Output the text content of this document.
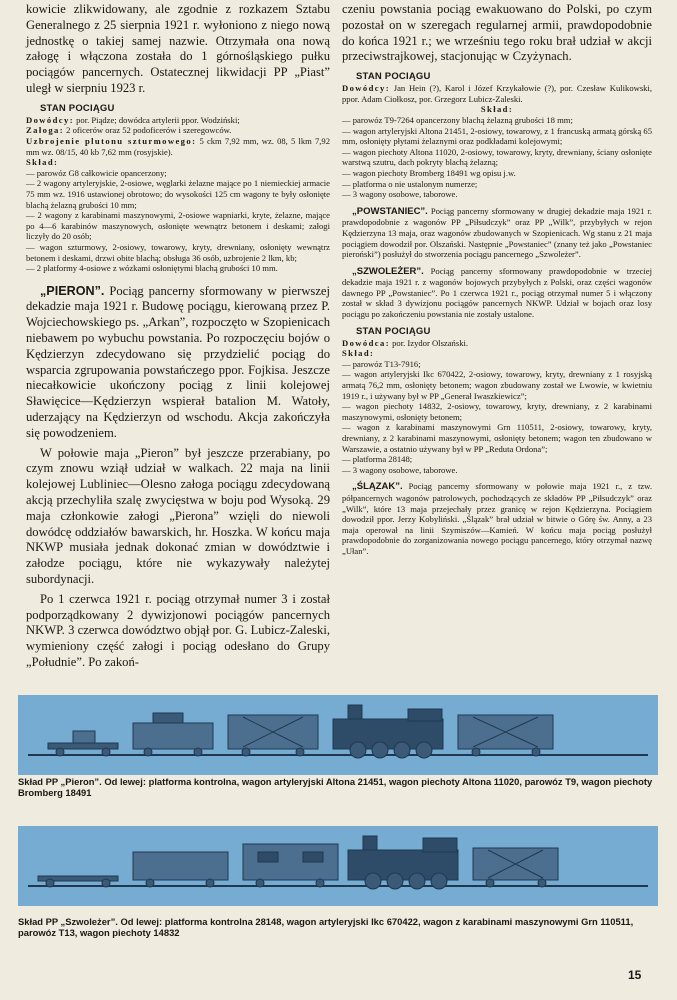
kowicie zlikwidowany, ale zgodnie z rozkazem Sztabu Generalnego z 25 sierpnia 1921 r. wyłoniono z niego nową jednostkę o takiej samej nazwie. Otrzymała ona nową załogę i włączona została do 1 górnośląskiego pułku pociągów pancernych. Ostatecznej likwidacji PP „Piast” uległ w sierpniu 1923 r.

STAN POCIĄGU

Dowódcy: por. Piądze; dowódca artylerii ppor. Wodziński;

Załoga: 2 oficerów oraz 52 podoficerów i szeregowców.

Uzbrojenie plutonu szturmowego: 5 ckm 7,92 mm, wz. 08, 5 lkm 7,92 mm wz. 08/15, 40 kb 7,62 mm (rosyjskie).

Skład:

— parowóz G8 całkowicie opancerzony;

— 2 wagony artyleryjskie, 2-osiowe, węglarki żelazne mające po 1 niemieckiej armacie 75 mm wz. 1916 ustawionej obrotowo; do wysokości 125 cm wagony te były osłonięte blachą żelazną grubości 10 mm;

— 2 wagony z karabinami maszynowymi, 2-osiowe wapniarki, kryte, żelazne, mające po 4—6 karabinów maszynowych, osłonięte wewnątrz betonem i deskami; załogi liczyły do 20 osób;

— wagon szturmowy, 2-osiowy, towarowy, kryty, drewniany, osłonięty wewnątrz betonem i deskami, drzwi obite blachą; obsługa 36 osób, uzbrojenie 2 lkm, kb;

— 2 platformy 4-osiowe z wózkami osłoniętymi blachą grubości 10 mm.

„PIERON”. Pociąg pancerny sformowany w pierwszej dekadzie maja 1921 r. Budowę pociągu, kierowaną przez P. Wojciechowskiego ps. „Arkan”, rozpoczęto w Szopienicach niebawem po wybuchu powstania. Po rozpoczęciu bojów o Kędzierzyn zdecydowano się przydzielić pociąg do wsparcia zgrupowania powstańczego ppor. Fojkisa. Jeszcze niecałkowicie ukończony pociąg z linii kolejowej Sławięcice—Kędzierzyn wspierał batalion M. Watoły, uderzający na Kędzierzyn od wschodu. Akcja zakończyła się powodzeniem.

W połowie maja „Pieron” był jeszcze przerabiany, po czym znowu wziął udział w walkach. 22 maja na linii kolejowej Lubliniec—Olesno załoga pociągu zdecydowaną akcją przechyliła szalę zwycięstwa w boju pod Wysoką. 29 maja członkowie załogi „Pierona” wzięli do niewoli dowódcę oddziałów bawarskich, hr. Hoszka. W końcu maja NKWP musiała jednak dokonać zmian w dowództwie i załodze pociągu, które nie wykazywały należytej subordynacji.

Po 1 czerwca 1921 r. pociąg otrzymał numer 3 i został podporządkowany 2 dywizjonowi pociągów pancernych NKWP. 3 czerwca dowództwo objął por. G. Lubicz-Zaleski, wymieniony część załogi i pociąg odesłano do Grupy „Południe”. Po zakoń-

czeniu powstania pociąg ewakuowano do Polski, po czym pozostał on w szeregach regularnej armii, prawdopodobnie do końca 1921 r.; we wrześniu tego roku brał udział w akcji przeciwstrajkowej, stacjonując w Czyżynach.

STAN POCIĄGU

Dowódcy: Jan Hein (?), Karol i Józef Krzykałowie (?), por. Czesław Kulikowski, ppor. Adam Ciołkosz, por. Grzegorz Lubicz-Zaleski.

Skład:

— parowóz T9-7264 opancerzony blachą żelazną grubości 18 mm;

— wagon artyleryjski Altona 21451, 2-osiowy, towarowy, z 1 francuską armatą górską 65 mm, osłonięty płytami żelaznymi oraz podkładami kolejowymi;

— wagon piechoty Altona 11020, 2-osiowy, towarowy, kryty, drewniany, ściany osłonięte warstwą szutru, dach pokryty blachą żelazną;

— wagon piechoty Bromberg 18491 wg opisu j.w.

— platforma o nie ustalonym numerze;

— 3 wagony osobowe, taborowe.

„POWSTANIEC”. Pociąg pancerny sformowany w drugiej dekadzie maja 1921 r. prawdopodobnie z wagonów PP „Piłsudczyk” oraz PP „Wilk”, przybyłych w rejon Kędzierzyna 13 maja, oraz wagonów zbudowanych w Szopienicach. Wg stanu z 21 maja pociągiem dowodził por. Olszański. Następnie „Powstaniec” (znany też jako „Powstaniec pieroński”) posłużył do stworzenia pociągu pancernego „Szwoleżer”.

„SZWOLEŻER”. Pociąg pancerny sformowany prawdopodobnie w trzeciej dekadzie maja 1921 r. z wagonów bojowych przybyłych z Polski, oraz części wagonów dawnego PP „Powstaniec”. Po 1 czerwca 1921 r., pociąg otrzymał numer 5 i włączony został w skład 3 dywizjonu pociągów pancernych NKWP. Udział w bojach oraz losy pociągu po zakończeniu powstania nie zostały ustalone.

STAN POCIĄGU

Dowódca: por. Izydor Olszański.

Skład:

— parowóz T13-7916;

— wagon artyleryjski Ikc 670422, 2-osiowy, towarowy, kryty, drewniany z 1 rosyjską armatą 76,2 mm, osłonięty betonem; wagon zbudowany został we Lwowie, w kwietniu 1919 r., i używany był w PP „Generał Iwaszkiewicz”;

— wagon piechoty 14832, 2-osiowy, towarowy, kryty, drewniany, z 2 karabinami maszynowymi, osłonięty betonem;

— wagon z karabinami maszynowymi Grn 110511, 2-osiowy, towarowy, kryty, drewniany, z 2 karabinami maszynowymi, osłonięty betonem; wagon ten zbudowano w Warszawie, a ostatnio używany był w PP „Reduta Ordona”;

— platforma 28148;

— 3 wagony osobowe, taborowe.

„ŚLĄZAK”. Pociąg pancerny sformowany w połowie maja 1921 r., z tzw. półpancernych wagonów patrolowych, pochodzących ze składów PP „Piłsudczyk” oraz „Wilk”, które 13 maja przejechały przez granicę w rejon Kędzierzyna. Pociągiem dowodził ppor. Jerzy Kobyliński. „Ślązak” brał udział w bitwie o Górę św. Anny, a 23 maja operował na linii Szymiszów—Kamień. W końcu maja pociąg posłużył prawdopodobnie do zorganizowania nowego pociągu pancernego, który otrzymał nazwę „Ułan”.

Skład PP „Pieron”. Od lewej: platforma kontrolna, wagon artyleryjski Altona 21451, wagon piechoty Altona 11020, parowóz T9, wagon piechoty Bromberg 18491

Skład PP „Szwoleżer”. Od lewej: platforma kontrolna 28148, wagon artyleryjski Ikc 670422, wagon z karabinami maszynowymi Grn 110511, parowóz T13, wagon piechoty 14832

15
